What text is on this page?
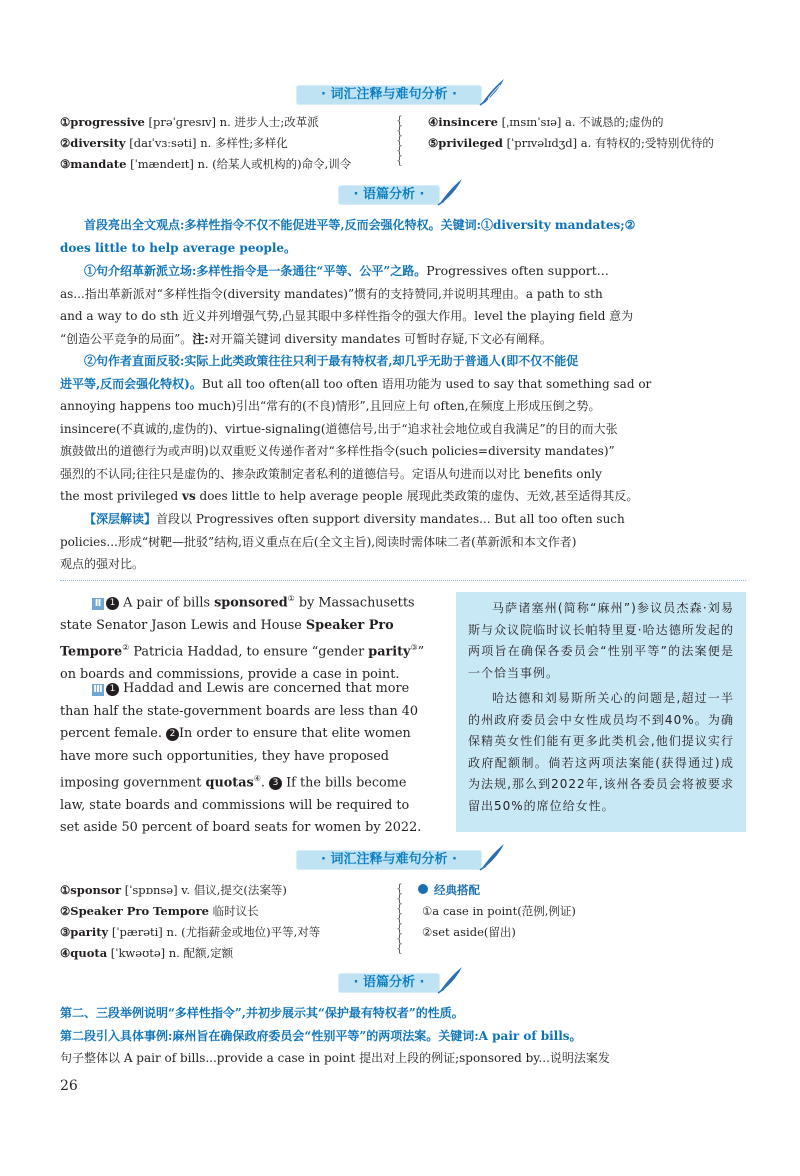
· 词汇注释与难句分析 ·
①progressive [prəˈɡresɪv] n. 进步人士;改革派
②diversity [daɪˈvɜːsəti] n. 多样性;多样化
③mandate [ˈmændeɪt] n. (给某人或机构的)命令,训令
{
{
{
{
{
④insincere [ˌɪnsɪnˈsɪə] a. 不诚恳的;虚伪的
⑤privileged [ˈprɪvəlɪdʒd] a. 有特权的;受特别优待的
· 语篇分析 ·
首段亮出全文观点:多样性指令不仅不能促进平等,反而会强化特权。关键词:①diversity mandates;②
does little to help average people。
①句介绍革新派立场:多样性指令是一条通往“平等、公平”之路。Progressives often support...
as...指出革新派对“多样性指令(diversity mandates)”惯有的支持赞同,并说明其理由。a path to sth
and a way to do sth 近义并列增强气势,凸显其眼中多样性指令的强大作用。level the playing field 意为
“创造公平竞争的局面”。注:对开篇关键词 diversity mandates 可暂时存疑,下文必有阐释。
②句作者直面反驳:实际上此类政策往往只利于最有特权者,却几乎无助于普通人(即不仅不能促
进平等,反而会强化特权)。But all too often(all too often 语用功能为 used to say that something sad or
annoying happens too much)引出“常有的(不良)情形”,且回应上句 often,在频度上形成压倒之势。
insincere(不真诚的,虚伪的)、virtue-signaling(道德信号,出于“追求社会地位或自我满足”的目的而大张
旗鼓做出的道德行为或声明)以双重贬义传递作者对“多样性指令(such policies=diversity mandates)”
强烈的不认同;往往只是虚伪的、掺杂政策制定者私利的道德信号。定语从句进而以对比 benefits only
the most privileged vs does little to help average people 展现此类政策的虚伪、无效,甚至适得其反。
【深层解读】首段以 Progressives often support diversity mandates... But all too often such
policies...形成“树靶—批驳”结构,语义重点在后(全文主旨),阅读时需体味二者(革新派和本文作者)
观点的强对比。
Ⅱ 1 A pair of bills sponsored① by Massachusetts
state Senator Jason Lewis and House Speaker Pro
Tempore② Patricia Haddad, to ensure “gender parity③”
on boards and commissions, provide a case in point.
Ⅲ 1 Haddad and Lewis are concerned that more
than half the state-government boards are less than 40
percent female. 2 In order to ensure that elite women
have more such opportunities, they have proposed
imposing government quotas④. 3 If the bills become
law, state boards and commissions will be required to
set aside 50 percent of board seats for women by 2022.

马萨诸塞州(简称“麻州”)参议员杰森·刘易斯与众议院临时议长帕特里夏·哈达德所发起的两项旨在确保各委员会“性别平等”的法案便是一个恰当事例。

哈达德和刘易斯所关心的问题是,超过一半的州政府委员会中女性成员均不到40%。为确保精英女性们能有更多此类机会,他们提议实行政府配额制。倘若这两项法案能(获得通过)成为法规,那么到2022年,该州各委员会将被要求留出50%的席位给女性。

· 词汇注释与难句分析 ·
①sponsor [ˈspɒnsə] v. 倡议,提交(法案等)
②Speaker Pro Tempore 临时议长
③parity [ˈpærəti] n. (尤指薪金或地位)平等,对等
④quota [ˈkwəʊtə] n. 配额,定额
{
{
{
{
{
{
{
经典搭配
①a case in point(范例,例证)
②set aside(留出)
· 语篇分析 ·
第二、三段举例说明“多样性指令”,并初步展示其“保护最有特权者”的性质。
第二段引入具体事例:麻州旨在确保政府委员会“性别平等”的两项法案。关键词:A pair of bills。
句子整体以 A pair of bills...provide a case in point 提出对上段的例证;sponsored by...说明法案发
26
